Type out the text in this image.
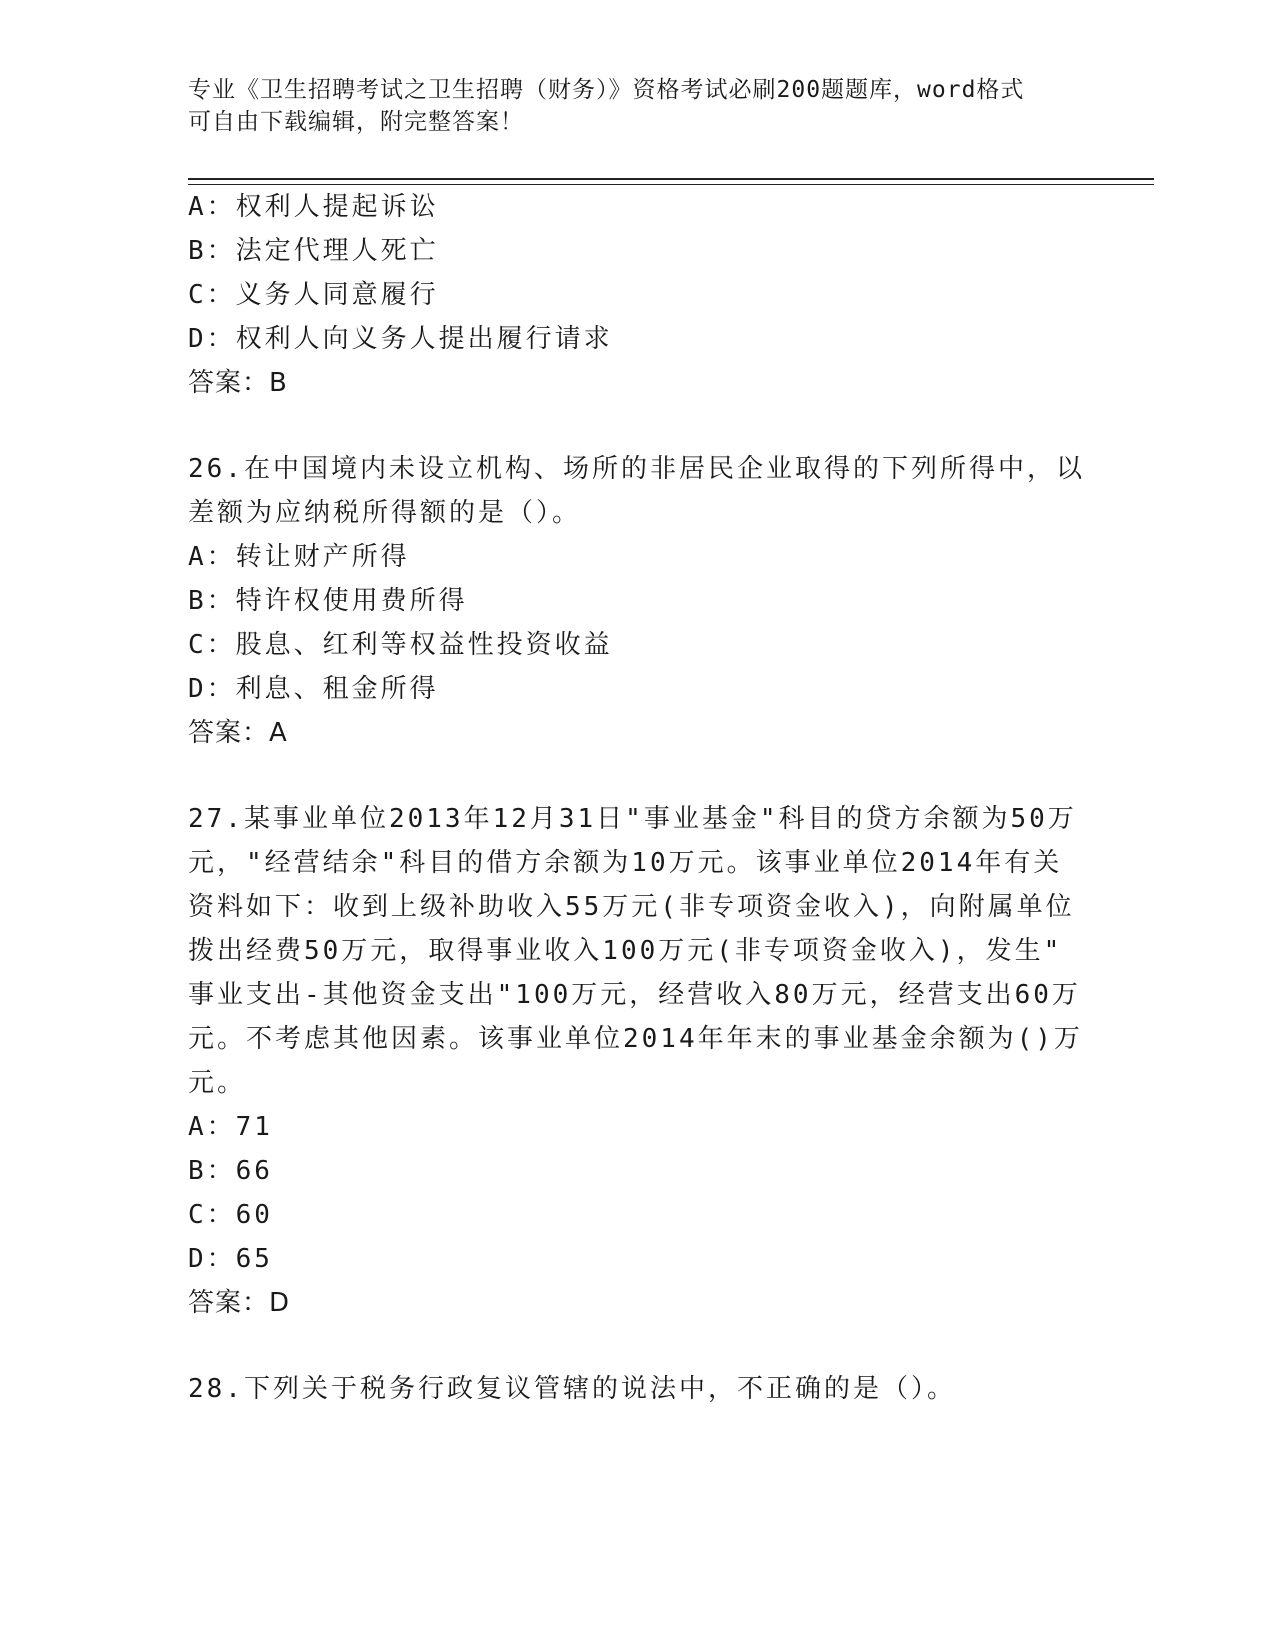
专业《卫生招聘考试之卫生招聘（财务）》资格考试必刷200题题库，word格式
可自由下载编辑，附完整答案！
A：权利人提起诉讼
B：法定代理人死亡
C：义务人同意履行
D：权利人向义务人提出履行请求
答案：B
26.在中国境内未设立机构、场所的非居民企业取得的下列所得中，以
差额为应纳税所得额的是（）。
A：转让财产所得
B：特许权使用费所得
C：股息、红利等权益性投资收益
D：利息、租金所得
答案：A
27.某事业单位2013年12月31日"事业基金"科目的贷方余额为50万
元，"经营结余"科目的借方余额为10万元。该事业单位2014年有关
资料如下：收到上级补助收入55万元(非专项资金收入)，向附属单位
拨出经费50万元，取得事业收入100万元(非专项资金收入)，发生"
事业支出-其他资金支出"100万元，经营收入80万元，经营支出60万
元。不考虑其他因素。该事业单位2014年年末的事业基金余额为()万
元。
A：71
B：66
C：60
D：65
答案：D
28.下列关于税务行政复议管辖的说法中，不正确的是（）。
